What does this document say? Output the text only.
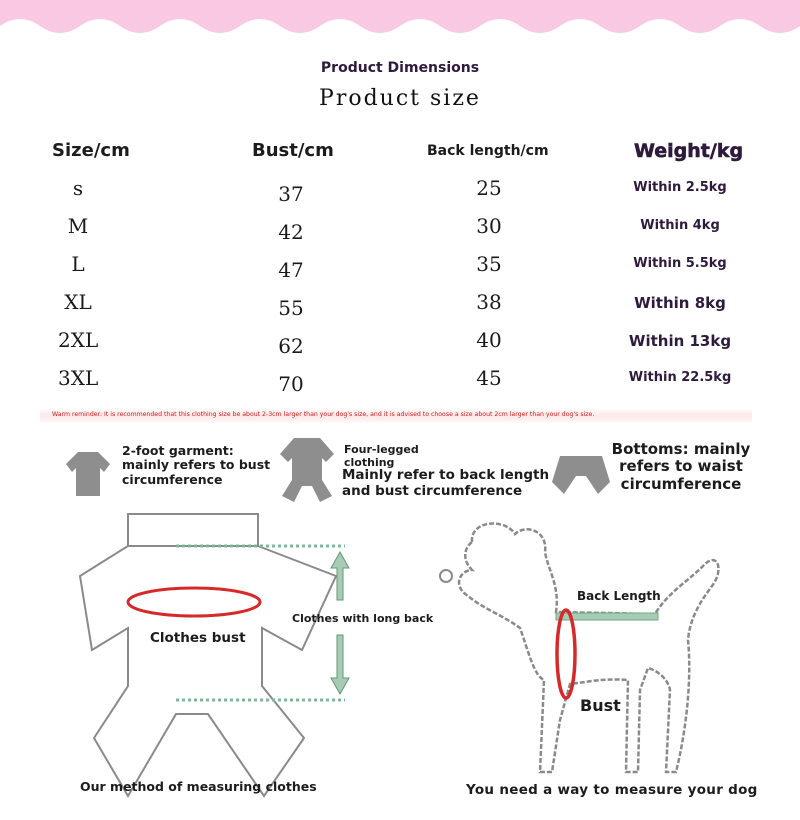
Product Dimensions
Product size
Size/cm	Bust/cm	Back length/cm	Weight/kg
s	37	25	Within 2.5kg
M	42	30	Within 4kg
L	47	35	Within 5.5kg
XL	55	38	Within 8kg
2XL	62	40	Within 13kg
3XL	70	45	Within 22.5kg
Warm reminder: It is recommended that this clothing size be about 2-3cm larger than your dog's size, and it is advised to choose a size about 2cm larger than your dog's size.
2-foot garment: mainly refers to bust circumference
Four-legged clothing
Mainly refer to back length and bust circumference
Bottoms: mainly refers to waist circumference
Clothes bust
Clothes with long back
Back Length
Bust
Our method of measuring clothes	You need a way to measure your dog
